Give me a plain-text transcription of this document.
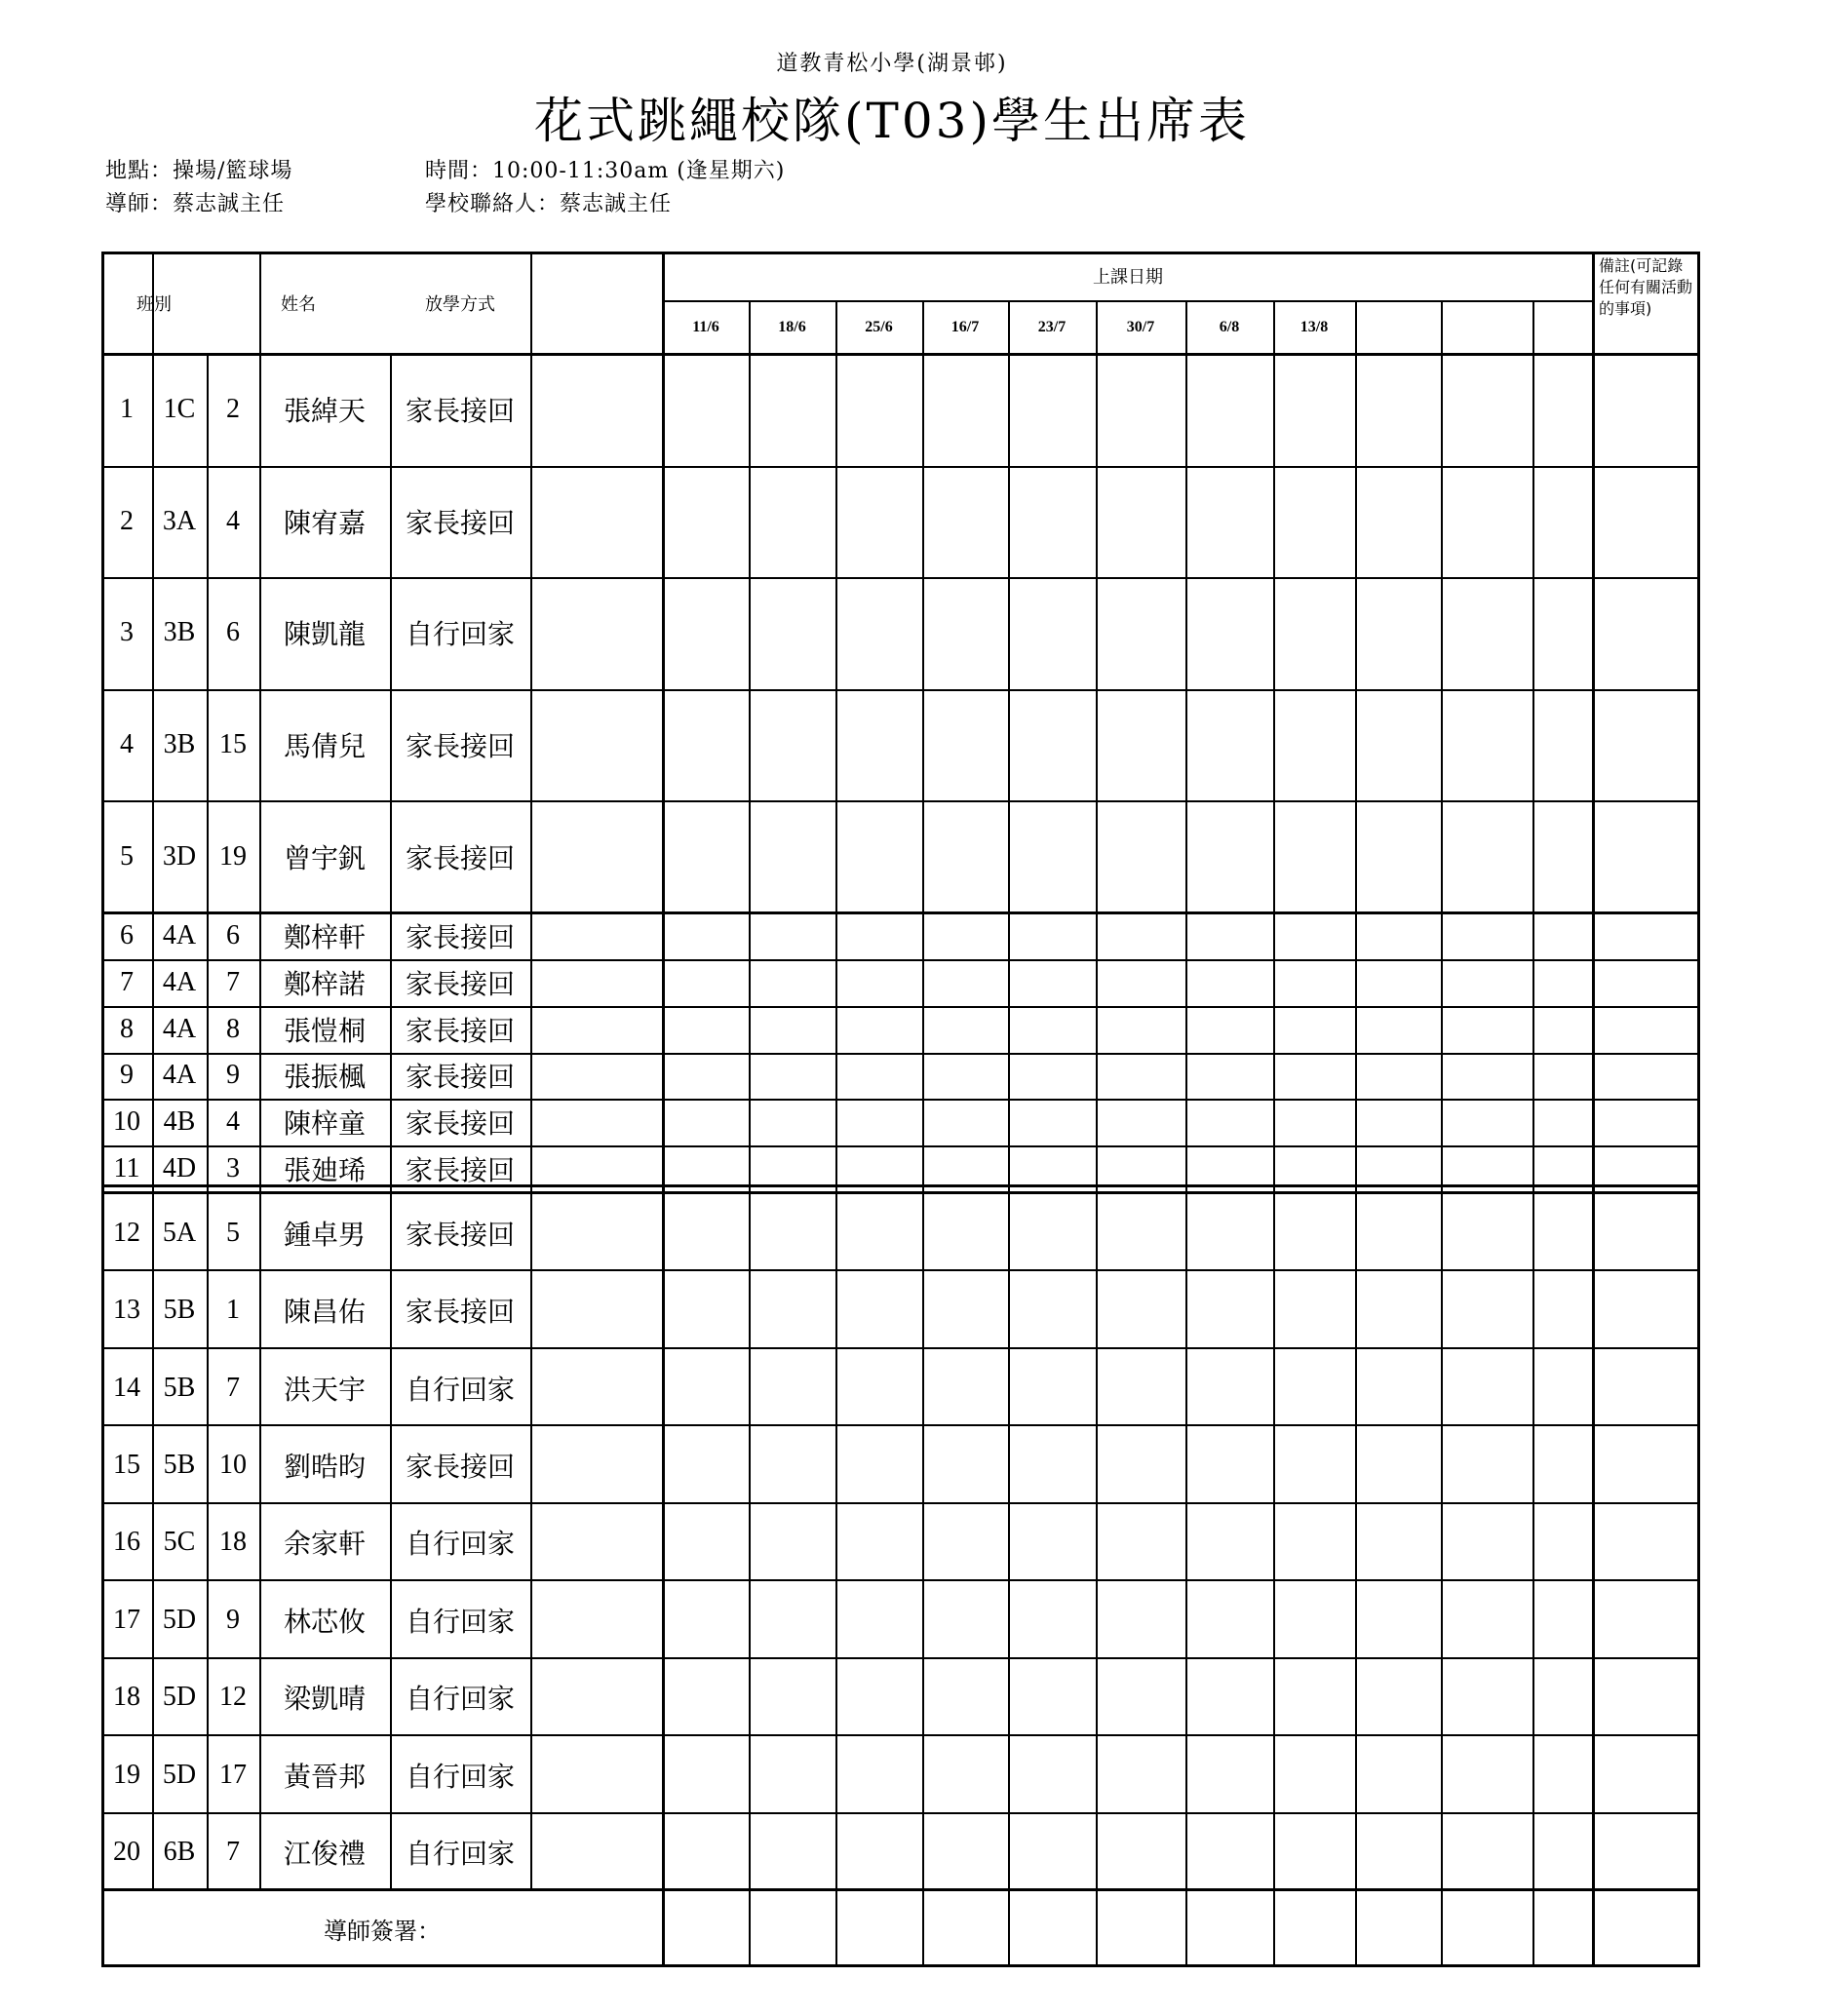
道教青松小學(湖景邨)
花式跳繩校隊(T03)學生出席表
地點：操場/籃球場	時間：10:00-11:30am (逢星期六)
導師：蔡志誠主任	學校聯絡人：蔡志誠主任
班別	姓名	放學方式
上課日期
備註(可記錄任何有關活動的事項)
11/6	18/6	25/6	16/7	23/7	30/7	6/8	13/8
1	1C	2	張綽天	家長接回
2	3A	4	陳宥嘉	家長接回
3	3B	6	陳凱龍	自行回家
4	3B 15	馬倩兒	家長接回
5	3D 19	曾宇釩	家長接回
6	4A	6	鄭梓軒	家長接回
7	4A	7	鄭梓諾	家長接回
8	4A	8	張愷桐	家長接回
9	4A	9	張振楓	家長接回
10 4B	4	陳梓童	家長接回
11 4D	3	張廸琋	家長接回
12 5A	5	鍾卓男	家長接回
13 5B	1	陳昌佑	家長接回
14 5B	7	洪天宇	自行回家
15 5B 10	劉晧昀	家長接回
16 5C 18	余家軒	自行回家
17 5D	9	林芯攸	自行回家
18 5D 12	梁凱晴	自行回家
19 5D 17	黃晉邦	自行回家
20 6B	7	江俊禮	自行回家
導師簽署：
